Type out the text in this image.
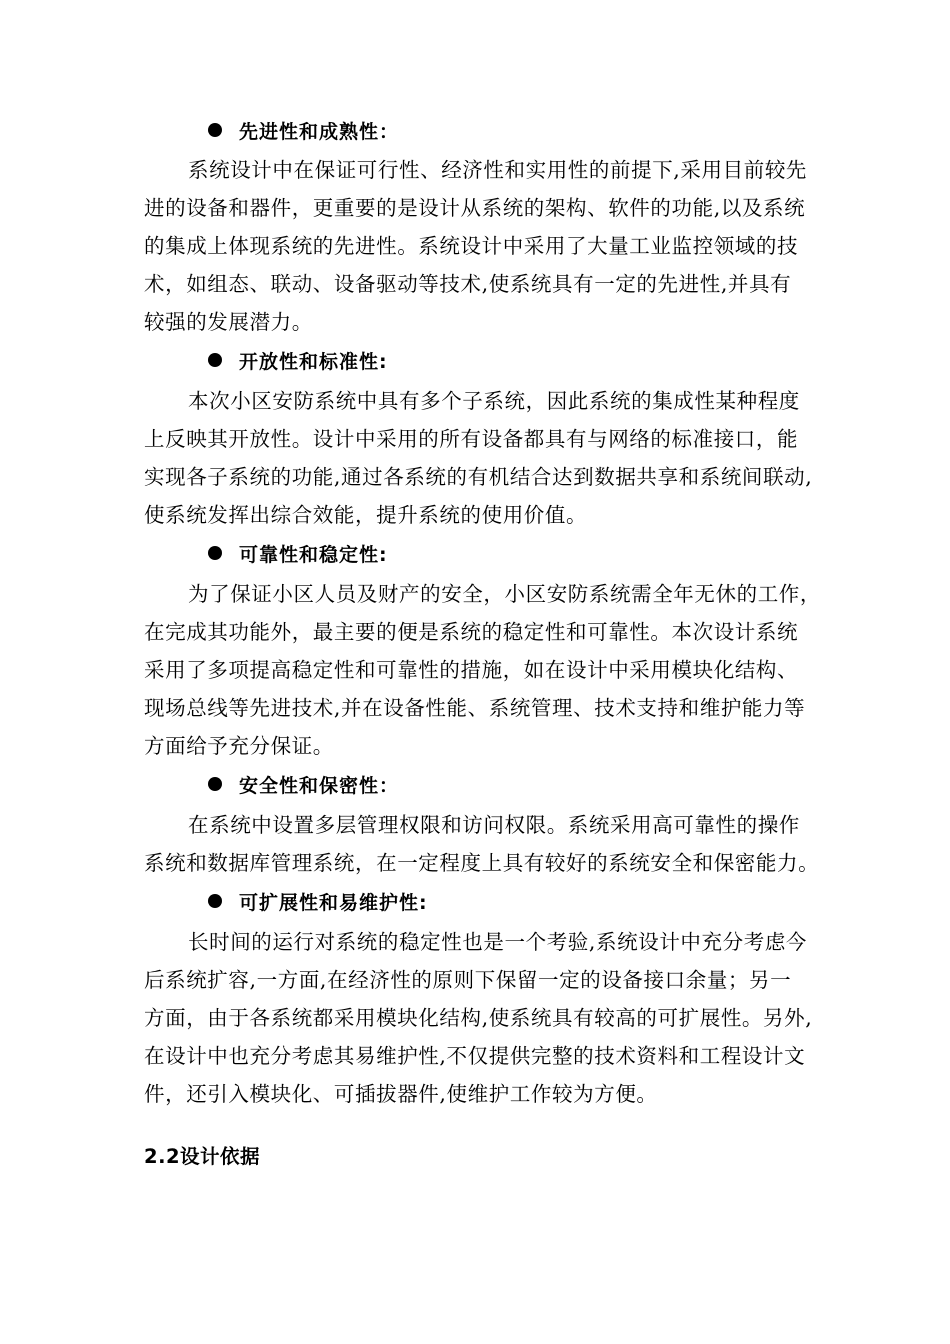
先进性和成熟性：
系统设计中在保证可行性、经济性和实用性的前提下,采用目前较先
进的设备和器件，更重要的是设计从系统的架构、软件的功能,以及系统
的集成上体现系统的先进性。系统设计中采用了大量工业监控领域的技
术，如组态、联动、设备驱动等技术,使系统具有一定的先进性,并具有
较强的发展潜力。
开放性和标准性:
本次小区安防系统中具有多个子系统，因此系统的集成性某种程度
上反映其开放性。设计中采用的所有设备都具有与网络的标准接口，能
实现各子系统的功能,通过各系统的有机结合达到数据共享和系统间联动,
使系统发挥出综合效能，提升系统的使用价值。
可靠性和稳定性:
为了保证小区人员及财产的安全，小区安防系统需全年无休的工作，
在完成其功能外，最主要的便是系统的稳定性和可靠性。本次设计系统
采用了多项提高稳定性和可靠性的措施，如在设计中采用模块化结构、
现场总线等先进技术,并在设备性能、系统管理、技术支持和维护能力等
方面给予充分保证。
安全性和保密性：
在系统中设置多层管理权限和访问权限。系统采用高可靠性的操作
系统和数据库管理系统，在一定程度上具有较好的系统安全和保密能力。
可扩展性和易维护性:
长时间的运行对系统的稳定性也是一个考验,系统设计中充分考虑今
后系统扩容,一方面,在经济性的原则下保留一定的设备接口余量；另一
方面，由于各系统都采用模块化结构,使系统具有较高的可扩展性。另外,
在设计中也充分考虑其易维护性,不仅提供完整的技术资料和工程设计文
件，还引入模块化、可插拔器件,使维护工作较为方便。
2.2设计依据
